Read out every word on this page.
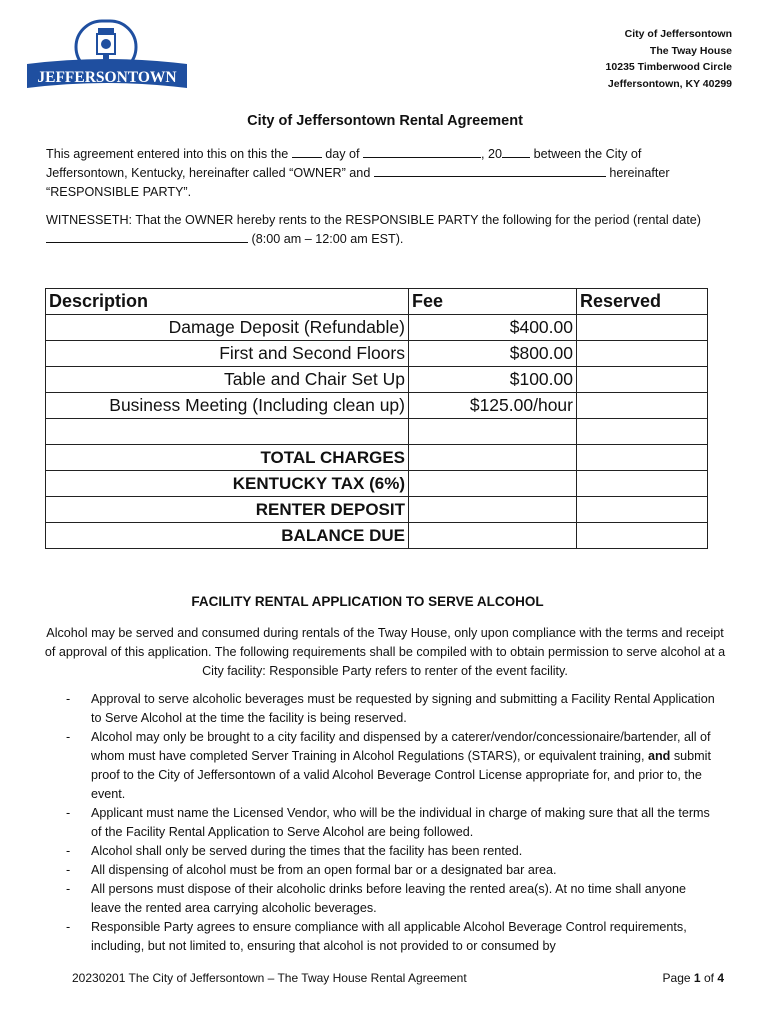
JEFFERSONTOWN
City of Jeffersontown
The Tway House
10235 Timberwood Circle
Jeffersontown, KY 40299
City of Jeffersontown Rental Agreement
This agreement entered into this on this the	day of	, 20	between the City of Jeffersontown, Kentucky, hereinafter called “OWNER” and	hereinafter “RESPONSIBLE PARTY”.
WITNESSETH: That the OWNER hereby rents to the RESPONSIBLE PARTY the following for the period (rental date)  (8:00 am – 12:00 am EST).
Description	Fee	Reserved
Damage Deposit (Refundable)	$400.00	
First and Second Floors	$800.00	
Table and Chair Set Up	$100.00	
Business Meeting (Including clean up)	$125.00/hour	

TOTAL CHARGES		
KENTUCKY TAX (6%)		
RENTER DEPOSIT		
BALANCE DUE		
FACILITY RENTAL APPLICATION TO SERVE ALCOHOL
Alcohol may be served and consumed during rentals of the Tway House, only upon compliance with the terms and receipt of approval of this application. The following requirements shall be compiled with to obtain permission to serve alcohol at a City facility: Responsible Party refers to renter of the event facility.
- Approval to serve alcoholic beverages must be requested by signing and submitting a Facility Rental Application to Serve Alcohol at the time the facility is being reserved.
- Alcohol may only be brought to a city facility and dispensed by a caterer/vendor/concessionaire/bartender, all of whom must have completed Server Training in Alcohol Regulations (STARS), or equivalent training, and submit proof to the City of Jeffersontown of a valid Alcohol Beverage Control License appropriate for, and prior to, the event.
- Applicant must name the Licensed Vendor, who will be the individual in charge of making sure that all the terms of the Facility Rental Application to Serve Alcohol are being followed.
- Alcohol shall only be served during the times that the facility has been rented.
- All dispensing of alcohol must be from an open formal bar or a designated bar area.
- All persons must dispose of their alcoholic drinks before leaving the rented area(s). At no time shall anyone leave the rented area carrying alcoholic beverages.
- Responsible Party agrees to ensure compliance with all applicable Alcohol Beverage Control requirements, including, but not limited to, ensuring that alcohol is not provided to or consumed by
20230201 The City of Jeffersontown – The Tway House Rental Agreement	Page 1 of 4
